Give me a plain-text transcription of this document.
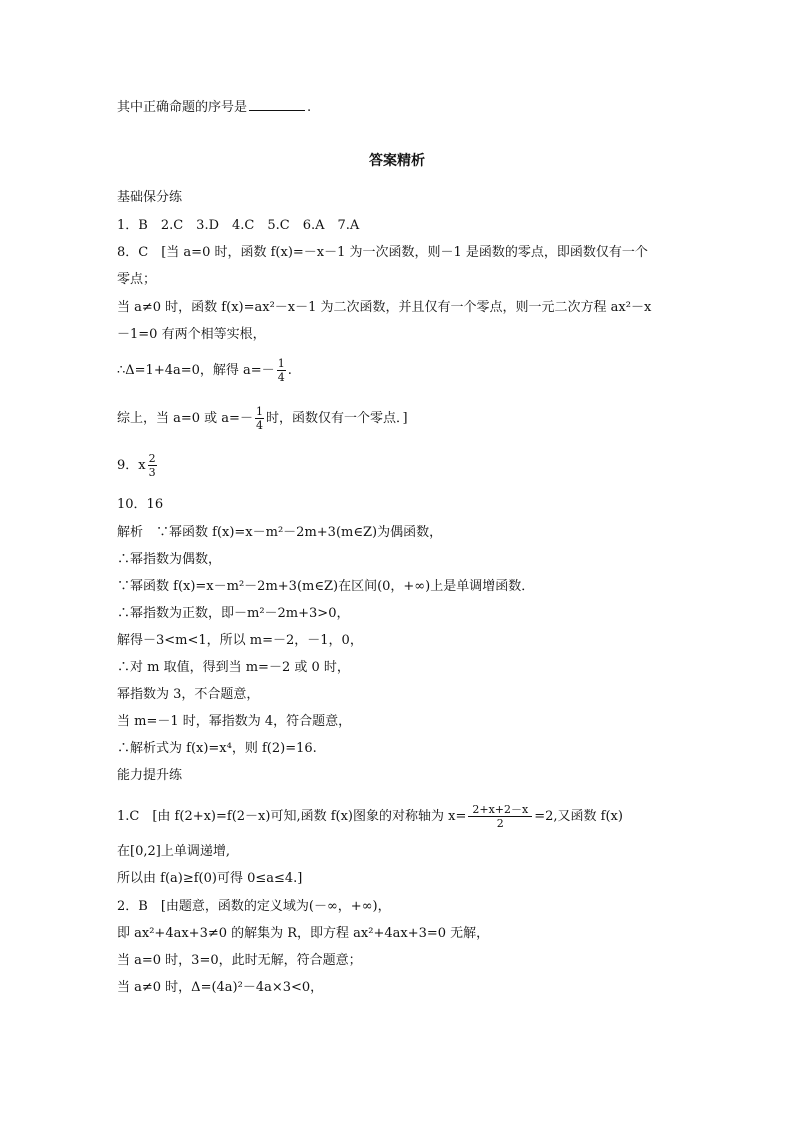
其中正确命题的序号是	.
答案精析
基础保分练
1．B　2.C　3.D　4.C　5.C　6.A　7.A
8．C　[当 a=0 时，函数 f(x)=－x－1 为一次函数，则－1 是函数的零点，即函数仅有一个
零点；
当 a≠0 时，函数 f(x)=ax²－x－1 为二次函数，并且仅有一个零点，则一元二次方程 ax²－x
－1=0 有两个相等实根，
∴Δ=1+4a=0，解得 $a=- \frac{1}{4}$ .
综上，当 a=0 或 $a=- \frac{1}{4}$ 时，函数仅有一个零点．]
9．x $\frac{2}{3}$
10．16
解析　∵幂函数 f(x)=x－m²－2m+3(m∈Z)为偶函数，
∴幂指数为偶数，
∵幂函数 f(x)=x－m²－2m+3(m∈Z)在区间(0，+∞)上是单调增函数．
∴幂指数为正数，即－m²－2m+3>0，
解得－3<m<1，所以 m=－2，－1，0，
∴对 m 取值，得到当 m=－2 或 0 时，
幂指数为 3，不合题意，
当 m=－1 时，幂指数为 4，符合题意，
∴解析式为 f(x)=x⁴，则 f(2)=16.
能力提升练
1.C　[由 f(2+x)=f(2－x)可知,函数 f(x)图象的对称轴为 $x= \frac{2+x+2-x}{2} =2$,又函数 f(x)
在[0,2]上单调递增,
所以由 f(a)≥f(0)可得 0≤a≤4.]
2．B　[由题意，函数的定义域为(－∞，+∞)，
即 ax²+4ax+3≠0 的解集为 R，即方程 ax²+4ax+3=0 无解，
当 a=0 时，3=0，此时无解，符合题意；
当 a≠0 时，Δ=(4a)²－4a×3<0，
